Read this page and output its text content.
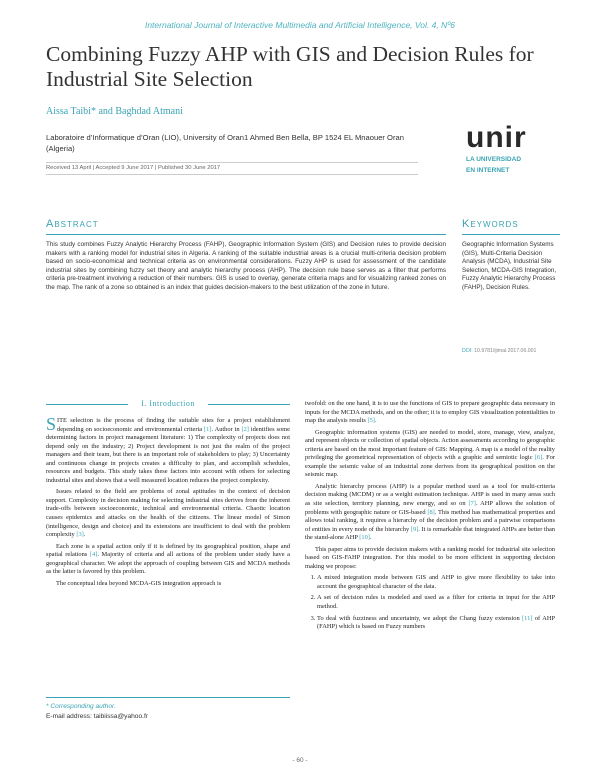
International Journal of Interactive Multimedia and Artificial Intelligence, Vol. 4, Nº6
Combining Fuzzy AHP with GIS and Decision Rules for Industrial Site Selection
Aissa Taibi* and Baghdad Atmani
Laboratoire d’Informatique d’Oran (LIO), University of Oran1 Ahmed Ben Bella, BP 1524 EL Mnaouer Oran (Algeria)	unir
LA UNIVERSIDAD
EN INTERNET
Received 13 April | Accepted 9 June 2017 | Published 30 June 2017
Abstract	Keywords
This study combines Fuzzy Analytic Hierarchy Process (FAHP), Geographic Information System (GIS) and Decision rules to provide decision makers with a ranking model for industrial sites in Algeria. A ranking of the suitable industrial areas is a crucial multi-criteria decision problem based on socio-economical and technical criteria as on environmental considerations. Fuzzy AHP is used for assessment of the candidate industrial sites by combining fuzzy set theory and analytic hierarchy process (AHP). The decision rule base serves as a filter that performs criteria pre-treatment involving a reduction of their numbers. GIS is used to overlay, generate criteria maps and for visualizing ranked zones on the map. The rank of a zone so obtained is an index that guides decision-makers to the best utilization of the zone in future.
Geographic Information Systems (GIS), Multi-Criteria Decision Analysis (MCDA), Industrial Site Selection, MCDA-GIS Integration, Fuzzy Analytic Hierarchy Process (FAHP), Decision Rules.
DOI: 10.9781/ijimai.2017.06.001
I. Introduction

SITE selection is the process of finding the suitable sites for a project establishment depending on socioeconomic and environmental criteria [1]. Author in [2] identifies some determining factors in project management literature: 1) The complexity of projects does not depend only on the industry; 2) Project development is not just the realm of the project managers and their team, but there is an important role of stakeholders to play; 3) Uncertainty and continuous change in projects creates a difficulty to plan, and accomplish schedules, resources and budgets. This study takes these factors into account with others for selecting industrial sites and shows that a well measured location reduces the project complexity.

Issues related to the field are problems of zonal aptitudes in the context of decision support. Complexity in decision making for selecting industrial sites derives from the inherent trade-offs between socioeconomic, technical and environmental criteria. Chaotic location causes epidemics and attacks on the health of the citizens. The linear model of Simon (intelligence, design and choice) and its extensions are insufficient to deal with the problem complexity [3].

Each zone is a spatial action only if it is defined by its geographical position, shape and spatial relations [4]. Majority of criteria and all actions of the problem under study have a geographical character. We adopt the approach of coupling between GIS and MCDA methods as the latter is favored by this problem.

The conceptual idea beyond MCDA-GIS integration approach is

* Corresponding author.
E-mail address: taibiissa@yahoo.fr

twofold: on the one hand, it is to use the functions of GIS to prepare geographic data necessary in inputs for the MCDA methods, and on the other; it is to employ GIS visualization potentialities to map the analysis results [5].

Geographic information systems (GIS) are needed to model, store, manage, view, analyze, and represent objects or collection of spatial objects. Action assessments according to geographic criteria are based on the most important feature of GIS: Mapping. A map is a model of the reality privileging the geometrical representation of objects with a graphic and semiotic logic [6]. For example the seismic value of an industrial zone derives from its geographical position on the seismic map.

Analytic hierarchy process (AHP) is a popular method used as a tool for multi-criteria decision making (MCDM) or as a weight estimation technique. AHP is used in many areas such as site selection, territory planning, new energy, and so on [7]. AHP allows the solution of problems with geographic nature or GIS-based [8]. This method has mathematical properties and allows total ranking, it requires a hierarchy of the decision problem and a pairwise comparisons of entities in every node of the hierarchy [9]. It is remarkable that integrated AHPs are better than the stand-alone AHP [10].

This paper aims to provide decision makers with a ranking model for industrial site selection based on GIS-FAHP integration. For this model to be more efficient in supporting decision making we propose:

1. A mixed integration mode between GIS and AHP to give more flexibility to take into account the geographical character of the data.
2. A set of decision rules is modeled and used as a filter for criteria in input for the AHP method.
3. To deal with fuzziness and uncertainty, we adopt the Chang fuzzy extension [11] of AHP (FAHP) which is based on Fuzzy numbers
- 60 -
